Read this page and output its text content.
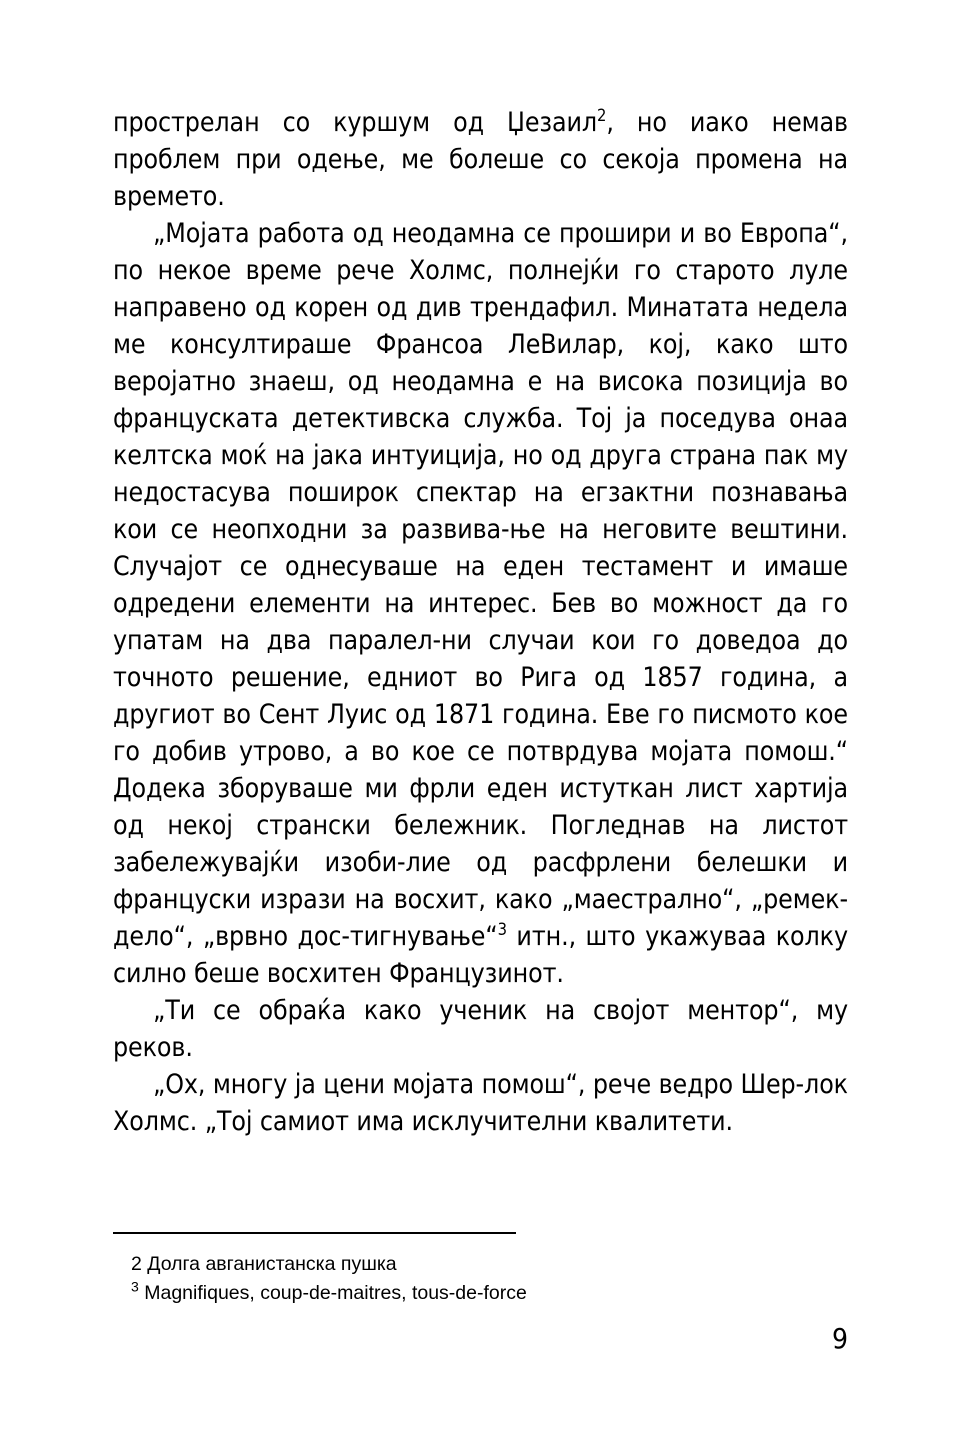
прострелан со куршум од Џезаил$^2$, но иако немав проблем при одење, ме болеше со секоја промена на времето.

„Мојата работа од неодамна се прошири и во Европа“, по некое време рече Холмс, полнејќи го старото луле направено од корен од див трендафил. Минатата недела ме консултираше Франсоа ЛеВилар, кој, како што веројатно знаеш, од неодамна е на висока позиција во француската детективска служба. Тој ја поседува онаа келтска моќ на јака интуиција, но од друга страна пак му недостасува поширок спектар на егзактни познавања кои се неопходни за развива-ње на неговите вештини. Случајот се однесуваше на еден тестамент и имаше одредени елементи на интерес. Бев во можност да го упатам на два паралел-ни случаи кои го доведоа до точното решение, едниот во Рига од 1857 година, а другиот во Сент Луис од 1871 година. Еве го писмото кое го добив утрово, а во кое се потврдува мојата помош.“ Додека зборуваше ми фрли еден истуткан лист хартија од некој странски бележник. Погледнав на листот забележувајќи изоби-лие од расфрлени белешки и француски изрази на восхит, како „маестрално“, „ремек-дело“, „врвно дос-тигнување“$^3$ итн., што укажуваа колку силно беше восхитен Французинот.

„Ти се обраќа како ученик на својот ментор“, му реков.

„Ох, многу ја цени мојата помош“, рече ведро Шер-лок Холмс. „Тој самиот има исклучителни квалитети.

2 Долга авганистанска пушка
$^3$ Magnifiques, coup-de-maitres, tous-de-force
9
